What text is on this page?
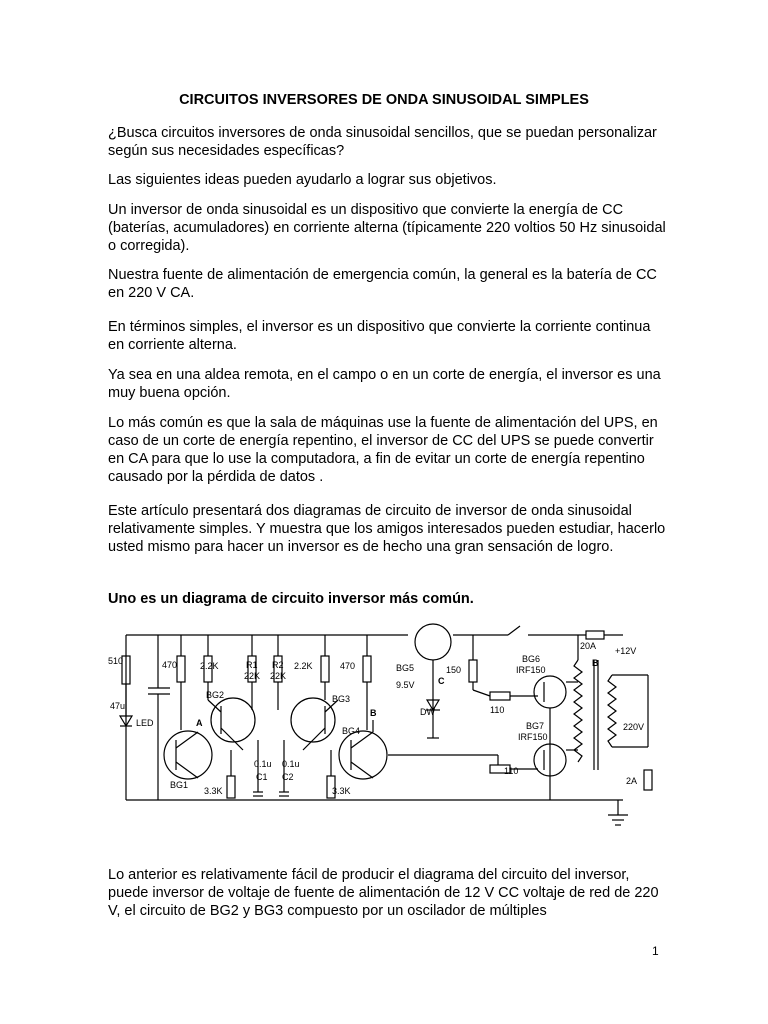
CIRCUITOS INVERSORES DE ONDA SINUSOIDAL SIMPLES

¿Busca circuitos inversores de onda sinusoidal sencillos, que se puedan personalizar según sus necesidades específicas?

Las siguientes ideas pueden ayudarlo a lograr sus objetivos.

Un inversor de onda sinusoidal es un dispositivo que convierte la energía de CC (baterías, acumuladores) en corriente alterna (típicamente 220 voltios 50 Hz sinusoidal o corregida).

Nuestra fuente de alimentación de emergencia común, la general es la batería de CC en 220 V CA.

En términos simples, el inversor es un dispositivo que convierte la corriente continua en corriente alterna.

Ya sea en una aldea remota, en el campo o en un corte de energía, el inversor es una muy buena opción.

Lo más común es que la sala de máquinas use la fuente de alimentación del UPS, en caso de un corte de energía repentino, el inversor de CC del UPS se puede convertir en CA para que lo use la computadora, a fin de evitar un corte de energía repentino causado por la pérdida de datos .

Este artículo presentará dos diagramas de circuito de inversor de onda sinusoidal relativamente simples. Y muestra que los amigos interesados pueden estudiar, hacerlo usted mismo para hacer un inversor es de hecho una gran sensación de logro.

Uno es un diagrama de circuito inversor más común.

510	470	2.2K	R1
22K
R2
22K
2.2K	470
47u
LED
BG2	BG3
BG1
BG4
A
B
0.1u 0.1u
C1 C2
3.3K	3.3K
BG5
9.5V
DW
C
150
BG6
IRF150
BG7
IRF150
110
110
20A +12V
B
220V
2A

Lo anterior es relativamente fácil de producir el diagrama del circuito del inversor, puede inversor de voltaje de fuente de alimentación de 12 V CC voltaje de red de 220 V, el circuito de BG2 y BG3 compuesto por un oscilador de múltiples

1
